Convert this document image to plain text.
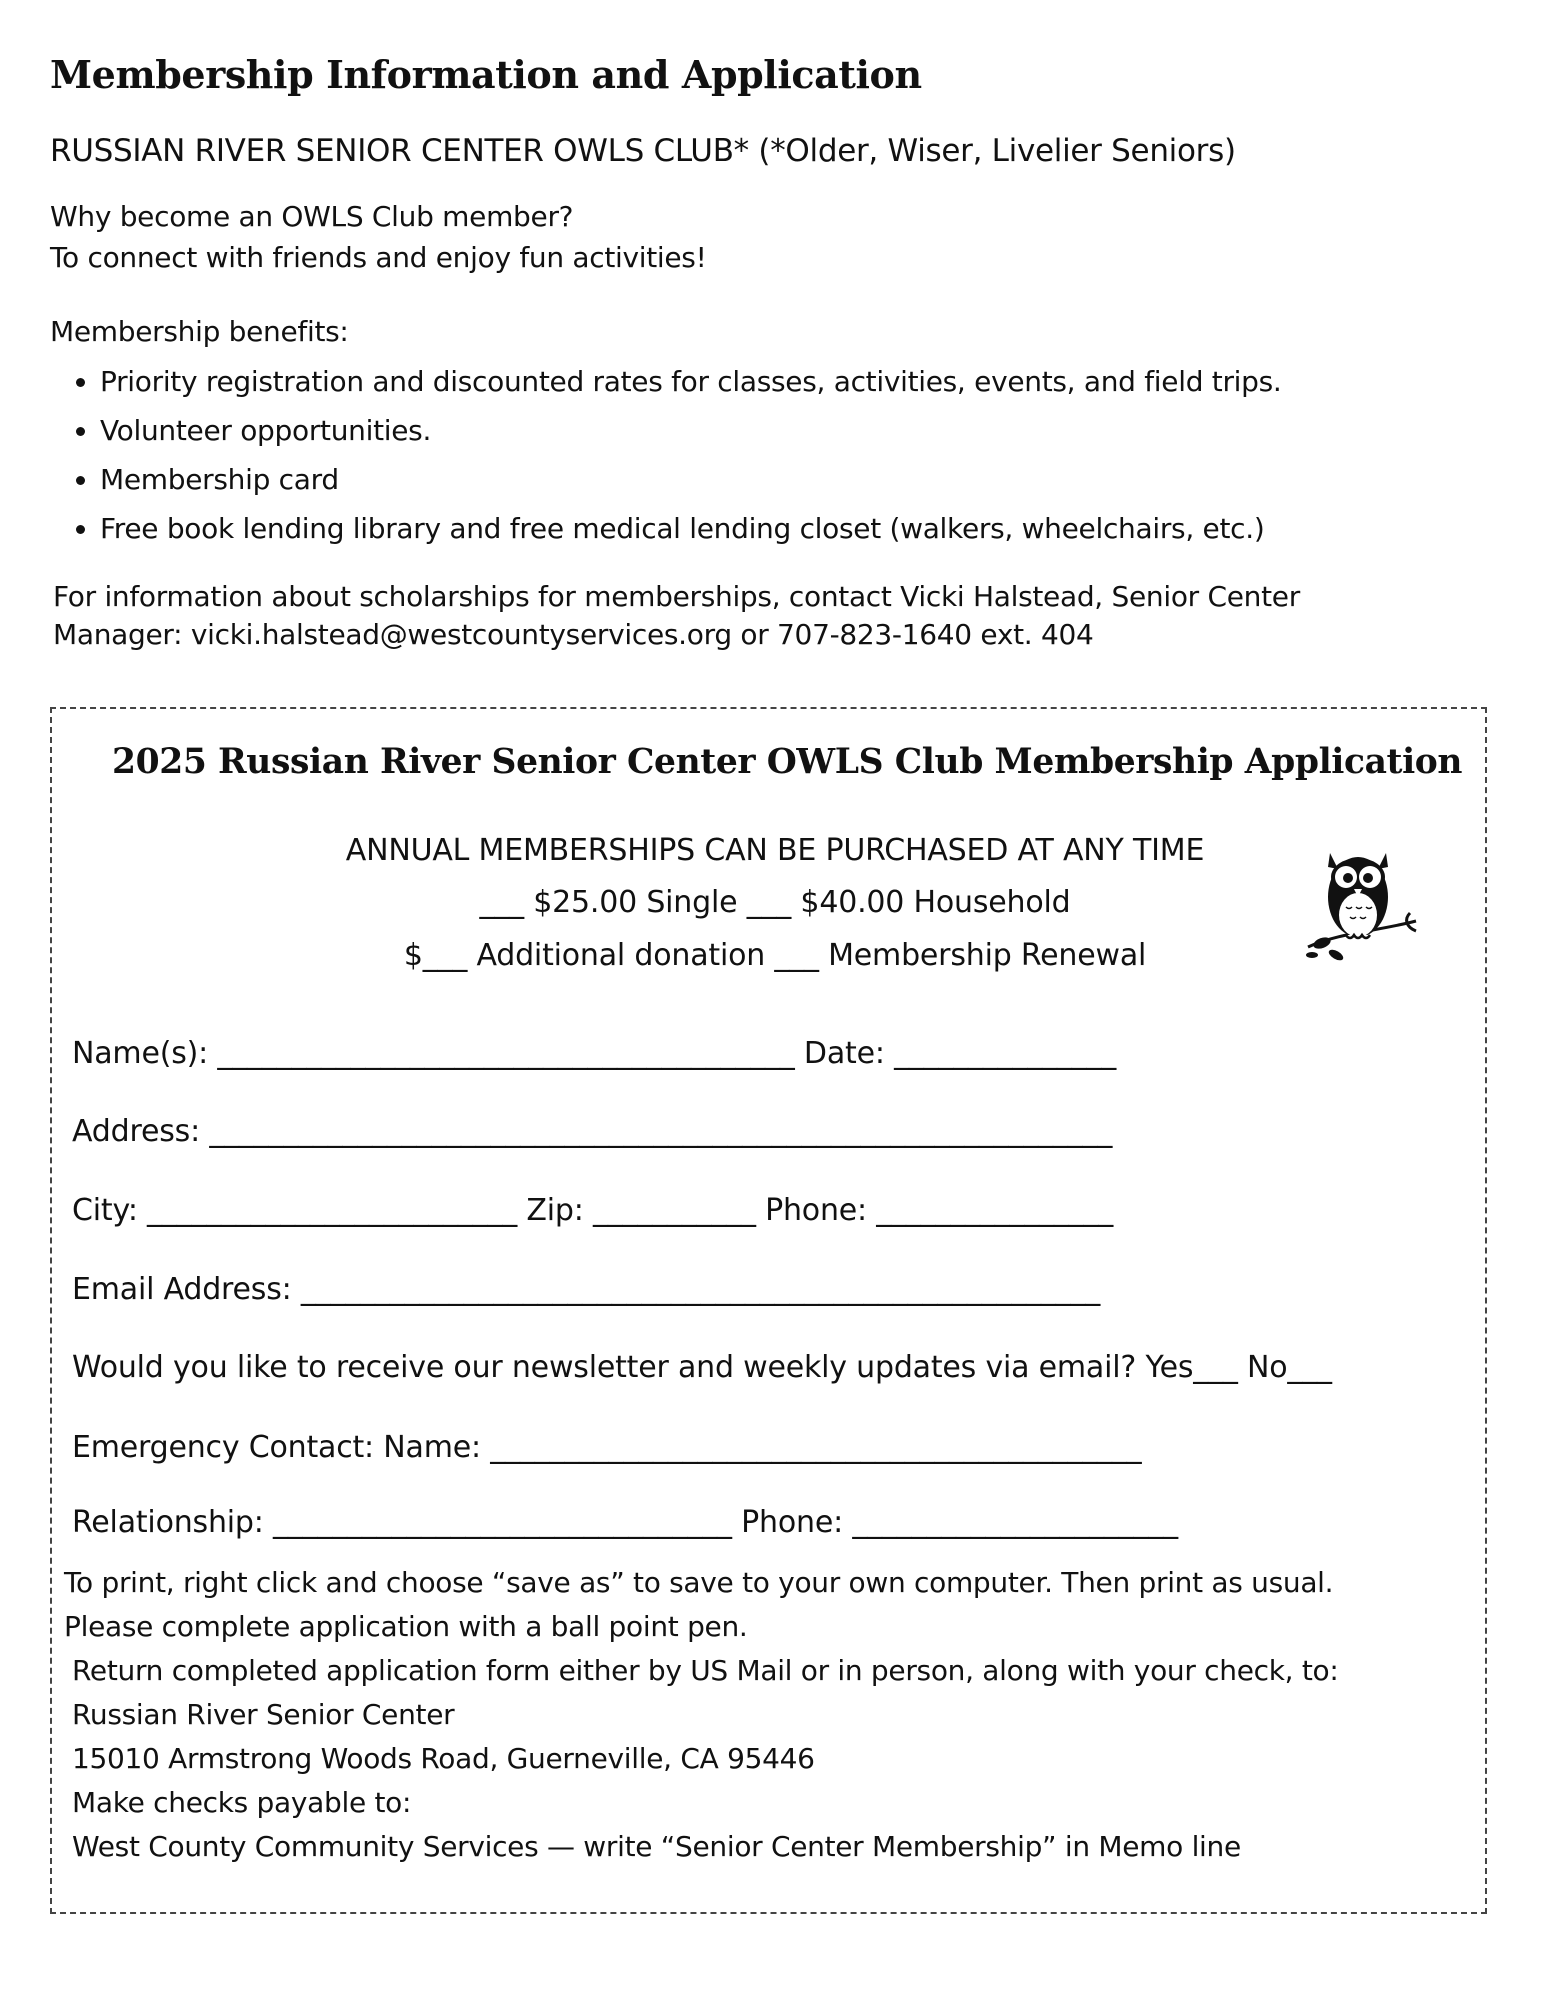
Membership Information and Application
RUSSIAN RIVER SENIOR CENTER OWLS CLUB* (*Older, Wiser, Livelier Seniors)
Why become an OWLS Club member?
To connect with friends and enjoy fun activities!
Membership benefits:
• Priority registration and discounted rates for classes, activities, events, and field trips.
• Volunteer opportunities.
• Membership card
• Free book lending library and free medical lending closet (walkers, wheelchairs, etc.)
For information about scholarships for memberships, contact Vicki Halstead, Senior Center
Manager: vicki.halstead@westcountyservices.org or 707-823-1640 ext. 404
2025 Russian River Senior Center OWLS Club Membership Application
ANNUAL MEMBERSHIPS CAN BE PURCHASED AT ANY TIME
___ $25.00 Single ___ $40.00 Household
$___ Additional donation ___ Membership Renewal
Name(s): _______________________________________ Date: _______________
Address: _____________________________________________________________
City: _________________________ Zip: ___________ Phone: ________________
Email Address: ______________________________________________________
Would you like to receive our newsletter and weekly updates via email? Yes___ No___
Emergency Contact: Name: ____________________________________________
Relationship: _______________________________ Phone: ______________________
To print, right click and choose “save as” to save to your own computer. Then print as usual.
Please complete application with a ball point pen.
Return completed application form either by US Mail or in person, along with your check, to:
Russian River Senior Center
15010 Armstrong Woods Road, Guerneville, CA 95446
Make checks payable to:
West County Community Services — write “Senior Center Membership” in Memo line
